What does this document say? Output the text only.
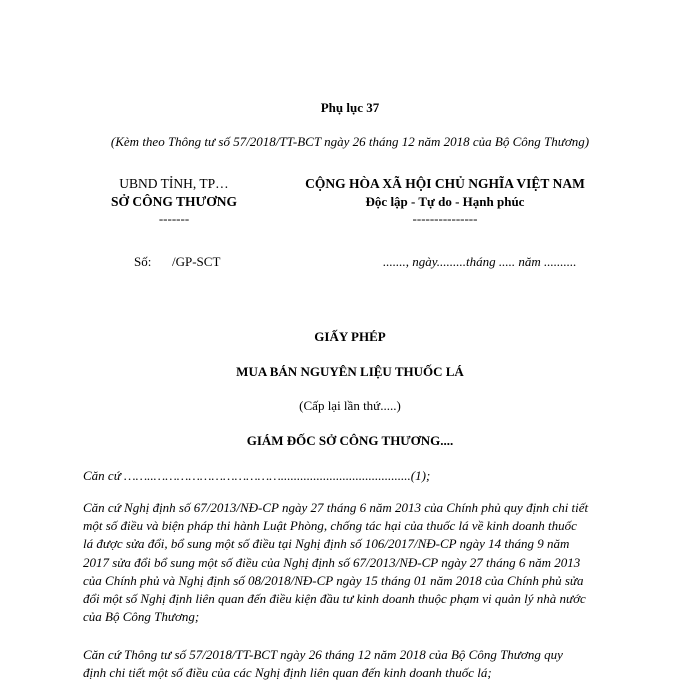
Phụ lục 37
(Kèm theo Thông tư số 57/2018/TT-BCT ngày 26 tháng 12 năm 2018 của Bộ Công Thương)
UBND TỈNH, TP…
SỞ CÔNG THƯƠNG
-------
CỘNG HÒA XÃ HỘI CHỦ NGHĨA VIỆT NAM
Độc lập - Tự do - Hạnh phúc
---------------
Số: /GP-SCT	......., ngày.........tháng ..... năm ..........
GIẤY PHÉP
MUA BÁN NGUYÊN LIỆU THUỐC LÁ
(Cấp lại lần thứ.....)
GIÁM ĐỐC SỞ CÔNG THƯƠNG....
Căn cứ ……..……………………………........................................(1);
Căn cứ Nghị định số 67/2013/NĐ-CP ngày 27 tháng 6 năm 2013 của Chính phủ quy định chi tiết
một số điều và biện pháp thi hành Luật Phòng, chống tác hại của thuốc lá về kinh doanh thuốc
lá được sửa đổi, bổ sung một số điều tại Nghị định số 106/2017/NĐ-CP ngày 14 tháng 9 năm
2017 sửa đổi bổ sung một số điều của Nghị định số 67/2013/NĐ-CP ngày 27 tháng 6 năm 2013
của Chính phủ và Nghị định số 08/2018/NĐ-CP ngày 15 tháng 01 năm 2018 của Chính phủ sửa
đổi một số Nghị định liên quan đến điều kiện đầu tư kinh doanh thuộc phạm vi quản lý nhà nước
của Bộ Công Thương;
Căn cứ Thông tư số 57/2018/TT-BCT ngày 26 tháng 12 năm 2018 của Bộ Công Thương quy
định chi tiết một số điều của các Nghị định liên quan đến kinh doanh thuốc lá;
